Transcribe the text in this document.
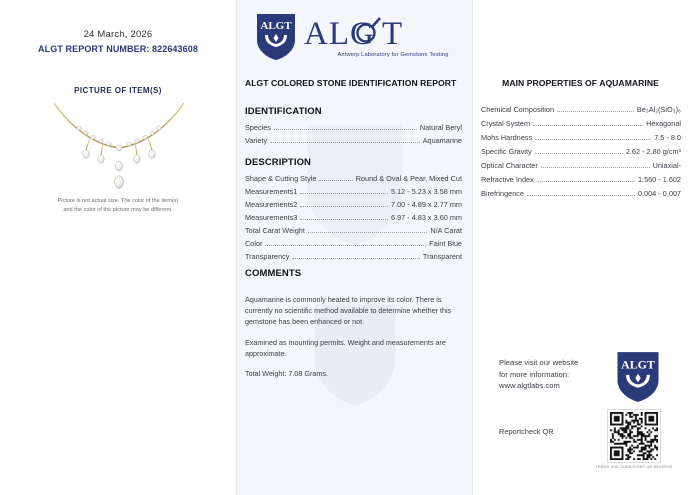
24 March, 2026
ALGT REPORT NUMBER: 822643608
PICTURE OF ITEM(S)
Picture is not actual size. The color of the item(s)
and the color of the picture may be different.
ALGT AL G T
Antwerp Laboratory for Gemstone Testing
ALGT COLORED STONE IDENTIFICATION REPORT
IDENTIFICATION
Species	Natural Beryl
Variety	Aquamarine
DESCRIPTION
Shape & Cutting Style	Round & Oval & Pear, Mixed Cut
Measurements1	5.12 - 5.23 x 3.58 mm
Measurements2	7.00 - 4.89 x 2.77 mm
Measurements3	6.97 - 4.83 x 3.60 mm
Total Carat Weight	N/A Carat
Color	Faint Blue
Transparency	Transparent
COMMENTS

Aquamarine is commonly heated to improve its color. There is currently no scientific method available to determine whether this gemstone has been enhanced or not.

Examined as mounting permits. Weight and measurements are approximate.

Total Weight: 7.08 Grams.

MAIN PROPERTIES OF AQUAMARINE
Chemical Composition	Be₃Al₂(SiO₃)₆
Crystal System	Hexagonal
Mohs Hardness	7.5 - 8.0
Specific Gravity	2.62 - 2.80 g/cm³
Optical Character	Uniaxial-
Refractive Index	1.560 - 1.602
Birefringence	0.004 - 0.007
Please visit our website
for more information:
www.algtlabs.com
ALGT
Reportcheck QR
TERMS AND CONDITIONS ON REVERSE
